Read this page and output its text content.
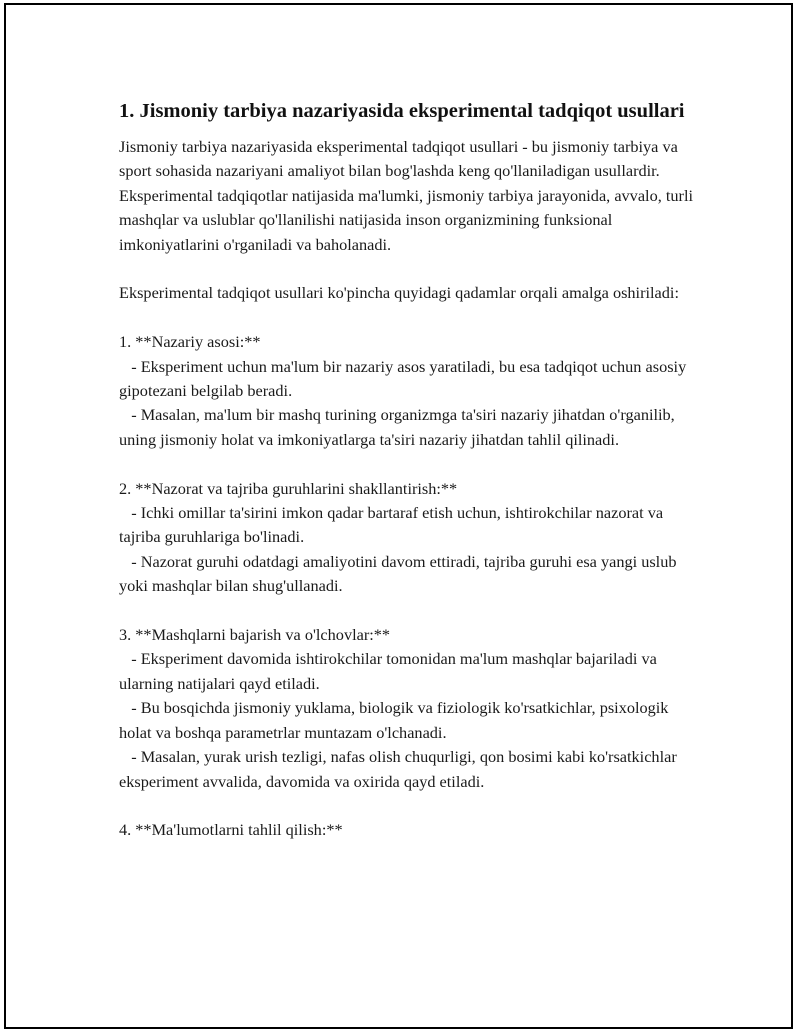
1. Jismoniy tarbiya nazariyasida eksperimental tadqiqot usullari

Jismoniy tarbiya nazariyasida eksperimental tadqiqot usullari - bu jismoniy tarbiya va sport sohasida nazariyani amaliyot bilan bog'lashda keng qo'llaniladigan usullardir. Eksperimental tadqiqotlar natijasida ma'lumki, jismoniy tarbiya jarayonida, avvalo, turli mashqlar va uslublar qo'llanilishi natijasida inson organizmining funksional imkoniyatlarini o'rganiladi va baholanadi.

Eksperimental tadqiqot usullari ko'pincha quyidagi qadamlar orqali amalga oshiriladi:

1. **Nazariy asosi:**
- Eksperiment uchun ma'lum bir nazariy asos yaratiladi, bu esa tadqiqot uchun asosiy gipotezani belgilab beradi.
- Masalan, ma'lum bir mashq turining organizmga ta'siri nazariy jihatdan o'rganilib, uning jismoniy holat va imkoniyatlarga ta'siri nazariy jihatdan tahlil qilinadi.
2. **Nazorat va tajriba guruhlarini shakllantirish:**
- Ichki omillar ta'sirini imkon qadar bartaraf etish uchun, ishtirokchilar nazorat va tajriba guruhlariga bo'linadi.
- Nazorat guruhi odatdagi amaliyotini davom ettiradi, tajriba guruhi esa yangi uslub yoki mashqlar bilan shug'ullanadi.
3. **Mashqlarni bajarish va o'lchovlar:**
- Eksperiment davomida ishtirokchilar tomonidan ma'lum mashqlar bajariladi va ularning natijalari qayd etiladi.
- Bu bosqichda jismoniy yuklama, biologik va fiziologik ko'rsatkichlar, psixologik holat va boshqa parametrlar muntazam o'lchanadi.
- Masalan, yurak urish tezligi, nafas olish chuqurligi, qon bosimi kabi ko'rsatkichlar eksperiment avvalida, davomida va oxirida qayd etiladi.
4. **Ma'lumotlarni tahlil qilish:**
